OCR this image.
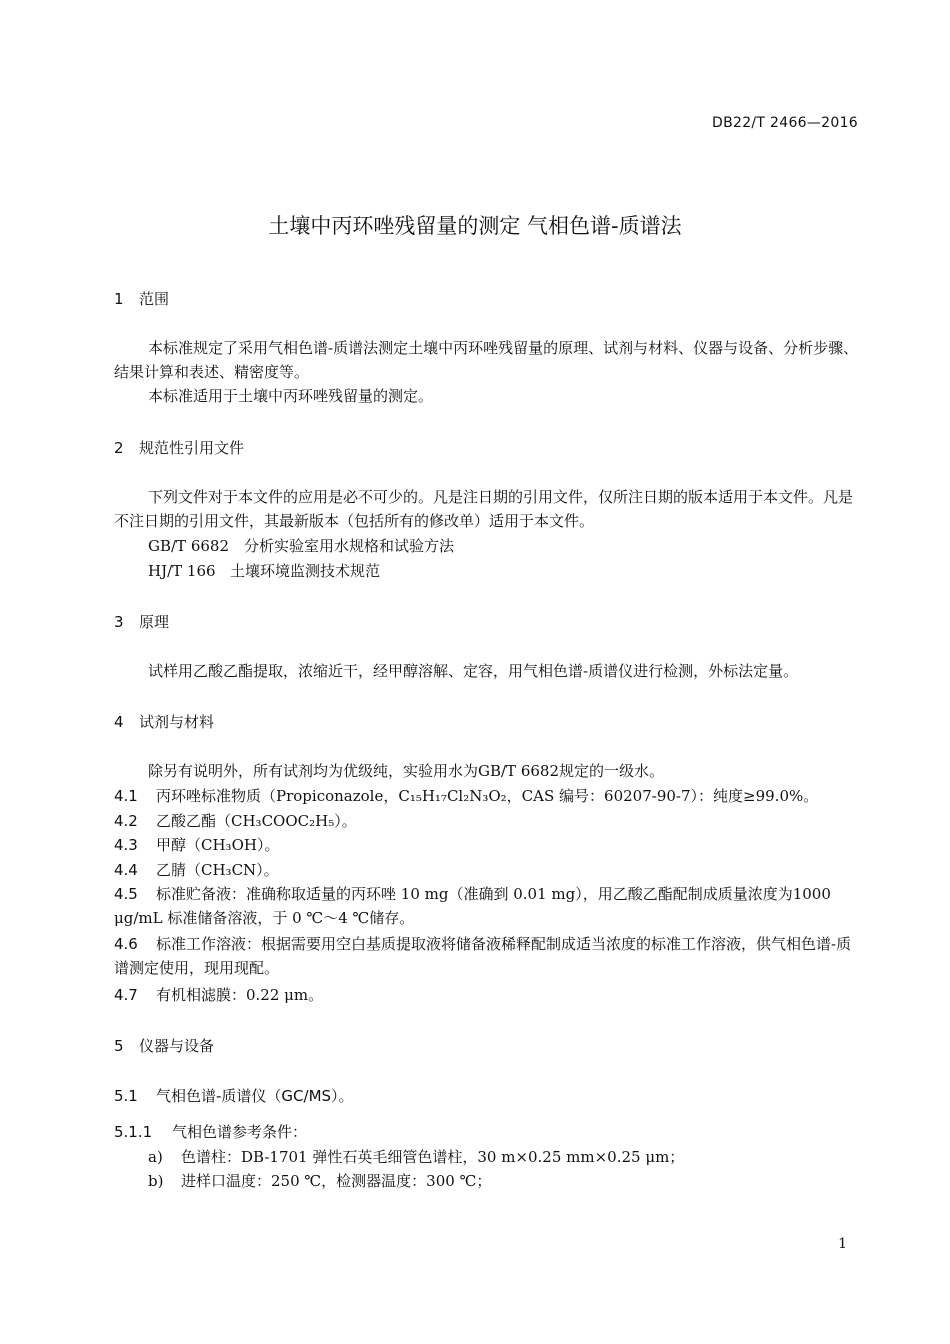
DB22/T 2466—2016
土壤中丙环唑残留量的测定 气相色谱-质谱法
1 范围
本标准规定了采用气相色谱-质谱法测定土壤中丙环唑残留量的原理、试剂与材料、仪器与设备、分析步骤、结果计算和表述、精密度等。
本标准适用于土壤中丙环唑残留量的测定。
2 规范性引用文件
下列文件对于本文件的应用是必不可少的。凡是注日期的引用文件，仅所注日期的版本适用于本文件。凡是不注日期的引用文件，其最新版本（包括所有的修改单）适用于本文件。
GB/T 6682 分析实验室用水规格和试验方法
HJ/T 166 土壤环境监测技术规范
3 原理
试样用乙酸乙酯提取，浓缩近干，经甲醇溶解、定容，用气相色谱-质谱仪进行检测，外标法定量。
4 试剂与材料
除另有说明外，所有试剂均为优级纯，实验用水为GB/T 6682规定的一级水。
4.1 丙环唑标准物质（Propiconazole，C₁₅H₁₇Cl₂N₃O₂，CAS 编号：60207-90-7）：纯度≥99.0%。
4.2 乙酸乙酯（CH₃COOC₂H₅）。
4.3 甲醇（CH₃OH）。
4.4 乙腈（CH₃CN）。
4.5 标准贮备液：准确称取适量的丙环唑 10 mg（准确到 0.01 mg），用乙酸乙酯配制成质量浓度为1000 μg/mL 标准储备溶液，于 0 ℃～4 ℃储存。
4.6 标准工作溶液：根据需要用空白基质提取液将储备液稀释配制成适当浓度的标准工作溶液，供气相色谱-质谱测定使用，现用现配。
4.7 有机相滤膜：0.22 μm。
5 仪器与设备
5.1 气相色谱-质谱仪（GC/MS）。
5.1.1 气相色谱参考条件：
a) 色谱柱：DB-1701 弹性石英毛细管色谱柱，30 m×0.25 mm×0.25 μm；
b) 进样口温度：250 ℃，检测器温度：300 ℃；
1
